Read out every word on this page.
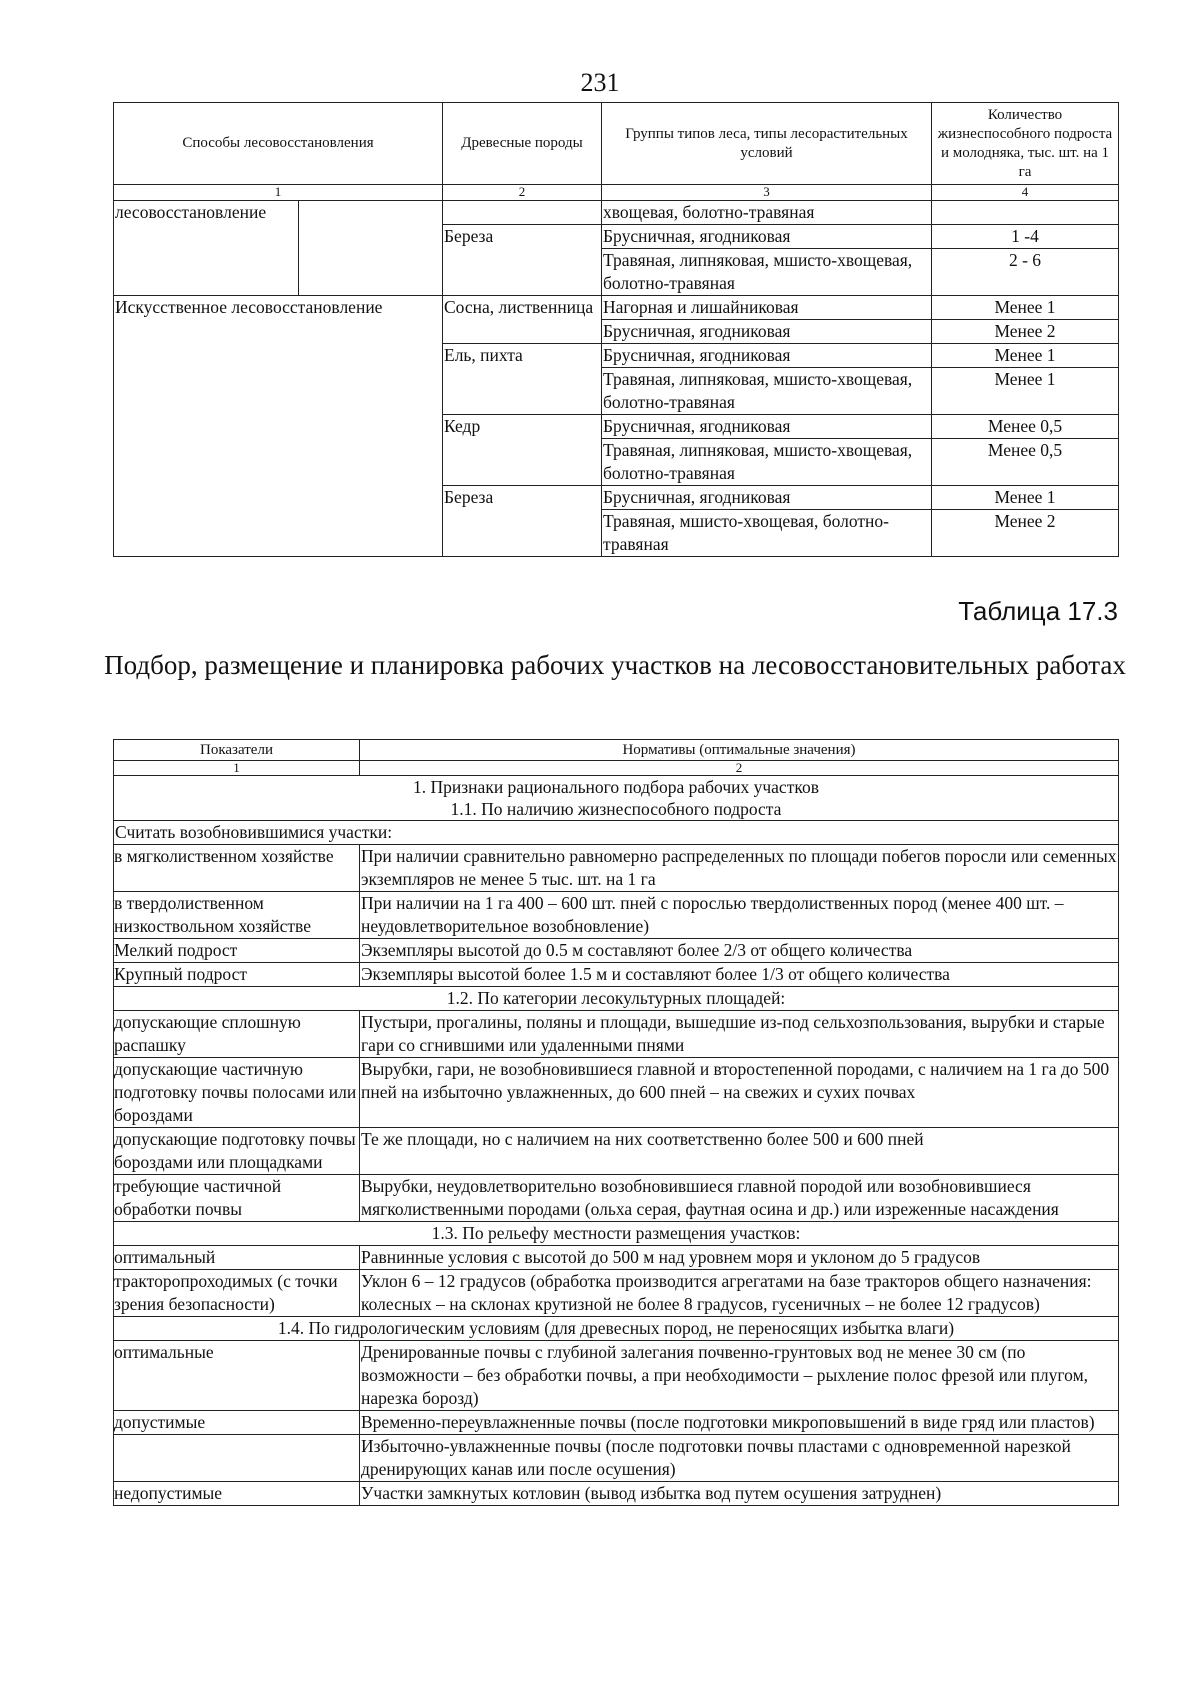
231
Способы лесовосстановления		Древесные породы	Группы типов леса, типы лесорастительных условий	Количество жизнеспособного подроста и молодняка, тыс. шт. на 1 га
1		2	3	4
лесовосстановление			хвощевая, болотно-травяная	
		Береза	Брусничная, ягодниковая	1 -4
			Травяная, липняковая, мшисто-хвощевая, болотно-травяная	2 - 6
Искусственное лесовосстановление		Сосна, лиственница	Нагорная и лишайниковая	Менее 1
			Брусничная, ягодниковая	Менее 2
		Ель, пихта	Брусничная, ягодниковая	Менее 1
			Травяная, липняковая, мшисто-хвощевая, болотно-травяная	Менее 1
		Кедр	Брусничная, ягодниковая	Менее 0,5
			Травяная, липняковая, мшисто-хвощевая, болотно-травяная	Менее 0,5
		Береза	Брусничная, ягодниковая	Менее 1
			Травяная, мшисто-хвощевая, болотно-травяная	Менее 2
Таблица 17.3
Подбор, размещение и планировка рабочих участков на лесовосстановительных работах
Показатели	Нормативы (оптимальные значения)
1	2

1. Признаки рационального подбора рабочих участков
1.1. По наличию жизнеспособного подроста	

Считать возобновившимися участки:	
в мягколиственном хозяйстве	При наличии сравнительно равномерно распределенных по площади побегов поросли или семенных экземпляров не менее 5 тыс. шт. на 1 га
в твердолиственном низкоствольном хозяйстве	При наличии на 1 га 400 – 600 шт. пней с порослью твердолиственных пород (менее 400 шт. – неудовлетворительное возобновление)
Мелкий подрост	Экземпляры высотой до 0.5 м составляют более 2/3 от общего количества
Крупный подрост	Экземпляры высотой более 1.5 м и составляют более 1/3 от общего количества
1.2. По категории лесокультурных площадей:	
допускающие сплошную распашку	Пустыри, прогалины, поляны и площади, вышедшие из-под сельхозпользования, вырубки и старые гари со сгнившими или удаленными пнями
допускающие частичную подготовку почвы полосами или бороздами	Вырубки, гари, не возобновившиеся главной и второстепенной породами, с наличием на 1 га до 500 пней на избыточно увлажненных, до 600 пней – на свежих и сухих почвах
допускающие подготовку почвы бороздами или площадками	Те же площади, но с наличием на них соответственно более 500 и 600 пней
требующие частичной обработки почвы	Вырубки, неудовлетворительно возобновившиеся главной породой или возобновившиеся мягколиственными породами (ольха серая, фаутная осина и др.) или изреженные насаждения
1.3. По рельефу местности размещения участков:	
оптимальный	Равнинные условия с высотой до 500 м над уровнем моря и уклоном до 5 градусов
тракторопроходимых (с точки зрения безопасности)	Уклон 6 – 12 градусов (обработка производится агрегатами на базе тракторов общего назначения: колесных – на склонах крутизной не более 8 градусов, гусеничных – не более 12 градусов)
1.4. По гидрологическим условиям (для древесных пород, не переносящих избытка влаги)	
оптимальные	Дренированные почвы с глубиной залегания почвенно-грунтовых вод не менее 30 см (по возможности – без обработки почвы, а при необходимости – рыхление полос фрезой или плугом, нарезка борозд)
допустимые	Временно-переувлажненные почвы (после подготовки микроповышений в виде гряд или пластов)
	Избыточно-увлажненные почвы (после подготовки почвы пластами с одновременной нарезкой дренирующих канав или после осушения)
недопустимые	Участки замкнутых котловин (вывод избытка вод путем осушения затруднен)
